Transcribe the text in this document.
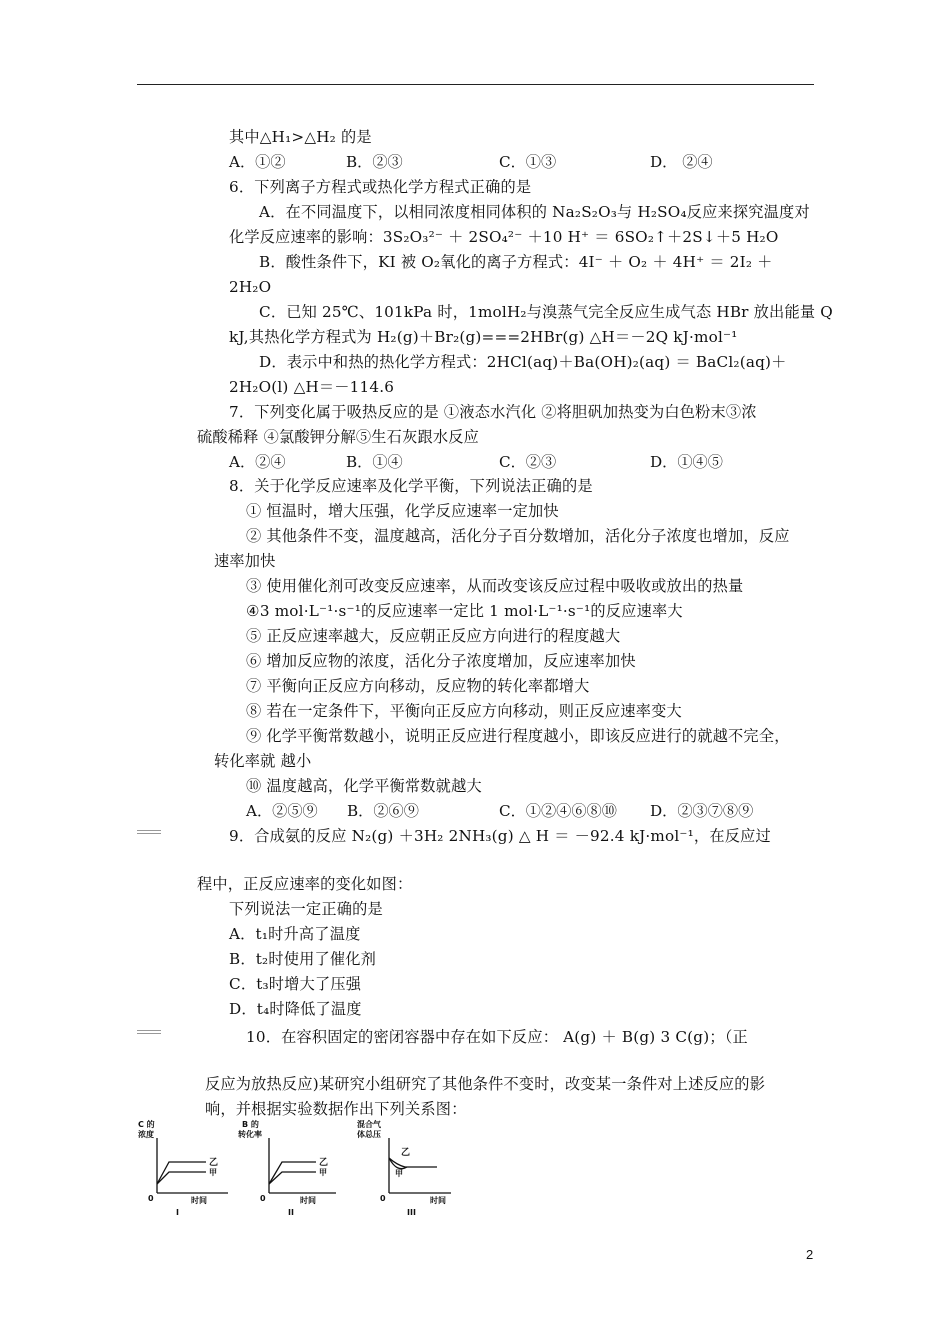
其中△H₁>△H₂ 的是
A．①②	B．②③	C．①③	D． ②④
6．下列离子方程式或热化学方程式正确的是
A．在不同温度下，以相同浓度相同体积的 Na₂S₂O₃与 H₂SO₄反应来探究温度对
化学反应速率的影响：3S₂O₃²⁻ ＋ 2SO₄²⁻ ＋10 H⁺ ＝ 6SO₂↑＋2S↓＋5 H₂O
B．酸性条件下，KI 被 O₂氧化的离子方程式：4I⁻ ＋ O₂ ＋ 4H⁺ ＝ 2I₂ ＋
2H₂O
C．已知 25℃、101kPa 时，1molH₂与溴蒸气完全反应生成气态 HBr 放出能量 Q
kJ,其热化学方程式为 H₂(g)＋Br₂(g)===2HBr(g) △H＝－2Q kJ·mol⁻¹
D．表示中和热的热化学方程式：2HCl(aq)＋Ba(OH)₂(aq) ＝ BaCl₂(aq)＋
2H₂O(l) △H＝－114.6
7．下列变化属于吸热反应的是 ①液态水汽化 ②将胆矾加热变为白色粉末③浓
硫酸稀释 ④氯酸钾分解⑤生石灰跟水反应
A．②④	B．①④	C．②③	D．①④⑤
8．关于化学反应速率及化学平衡，下列说法正确的是
① 恒温时，增大压强，化学反应速率一定加快
② 其他条件不变，温度越高，活化分子百分数增加，活化分子浓度也增加，反应
速率加快
③ 使用催化剂可改变反应速率，从而改变该反应过程中吸收或放出的热量
④3 mol·L⁻¹·s⁻¹的反应速率一定比 1 mol·L⁻¹·s⁻¹的反应速率大
⑤ 正反应速率越大，反应朝正反应方向进行的程度越大
⑥ 增加反应物的浓度，活化分子浓度增加，反应速率加快
⑦ 平衡向正反应方向移动，反应物的转化率都增大
⑧ 若在一定条件下，平衡向正反应方向移动，则正反应速率变大
⑨ 化学平衡常数越小，说明正反应进行程度越小，即该反应进行的就越不完全，
转化率就 越小
⑩ 温度越高，化学平衡常数就越大
A．②⑤⑨ B．②⑥⑨	C．①②④⑥⑧⑩ D．②③⑦⑧⑨
9．合成氨的反应 N₂(g) ＋3H₂ 2NH₃(g) △ H ＝ －92.4 kJ·mol⁻¹，在反应过
程中，正反应速率的变化如图：
下列说法一定正确的是
A．t₁时升高了温度
B．t₂时使用了催化剂
C．t₃时增大了压强
D．t₄时降低了温度
10．在容积固定的密闭容器中存在如下反应： A(g) ＋ B(g) 3 C(g)；（正
反应为放热反应)某研究小组研究了其他条件不变时，改变某一条件对上述反应的影
响，并根据实验数据作出下列关系图：
C 的
浓度
乙
甲
0	时间
I
B 的
转化率
乙
甲
0	时间
II
混合气
体总压
乙
甲
0	时间
III
2
